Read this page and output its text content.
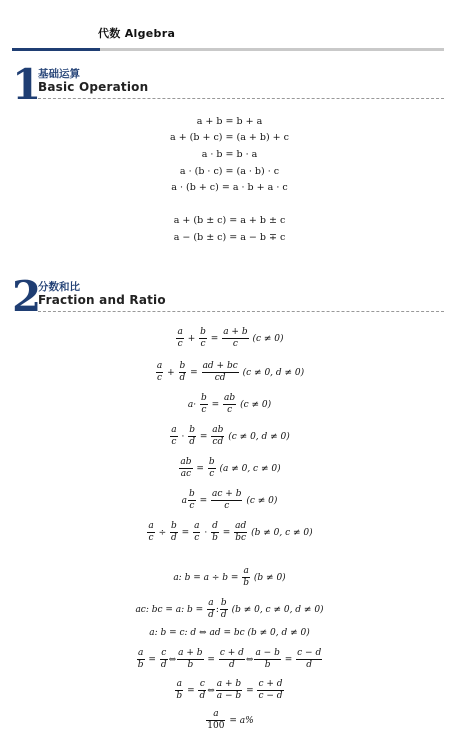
代数 Algebra
1
基础运算
Basic Operation
a + b = b + a
a + (b + c) = (a + b) + c
a · b = b · a
a · (b · c) = (a · b) · c
a · (b + c) = a · b + a · c
a + (b ± c) = a + b ± c
a − (b ± c) = a − b ∓ c
2
分数和比
Fraction and Ratio
$\frac{a}{c} + \frac{b}{c} = \frac{a + b}{c} (c \ne 0)$
$\frac{a}{c} + \frac{b}{d} = \frac{ad + bc}{cd} (c \ne 0$, d ≠ 0)
$a\cdot \frac{b}{c} = \frac{ab}{c} (c \ne 0)$
$\frac{a}{c} \cdot \frac{b}{d} = \frac{ab}{cd} (c \ne 0$, d ≠ 0)
$\frac{ab}{ac} = \frac{b}{c} (a \ne 0$, c ≠ 0)
a $\frac{b}{c} = \frac{ac + b}{c} (c \ne 0)$
$\frac{a}{c} \div \frac{b}{d} = \frac{a}{c} \cdot \frac{d}{b} = \frac{ad}{bc} (b \ne 0$, c ≠ 0)
a: $b = a \div b = \frac{a}{b} (b \ne 0)$
ac: bc = a: $b = \frac{a}{d}$ : $\frac{b}{d} (b \ne 0$, c ≠ 0, d ≠ 0)
a: b = c: d ⇔ ad = bc (b ≠ 0, d ≠ 0)
$\frac{a}{b} = \frac{c}{d}$ ⇔ $\frac{a + b}{b} = \frac{c + d}{d}$ ⇔ $\frac{a - b}{b} = \frac{c - d}{d}$
$\frac{a}{b} = \frac{c}{d}$ ⇔ $\frac{a + b}{a - b} = \frac{c + d}{c - d}$
$\frac{a}{100} = a\%$
